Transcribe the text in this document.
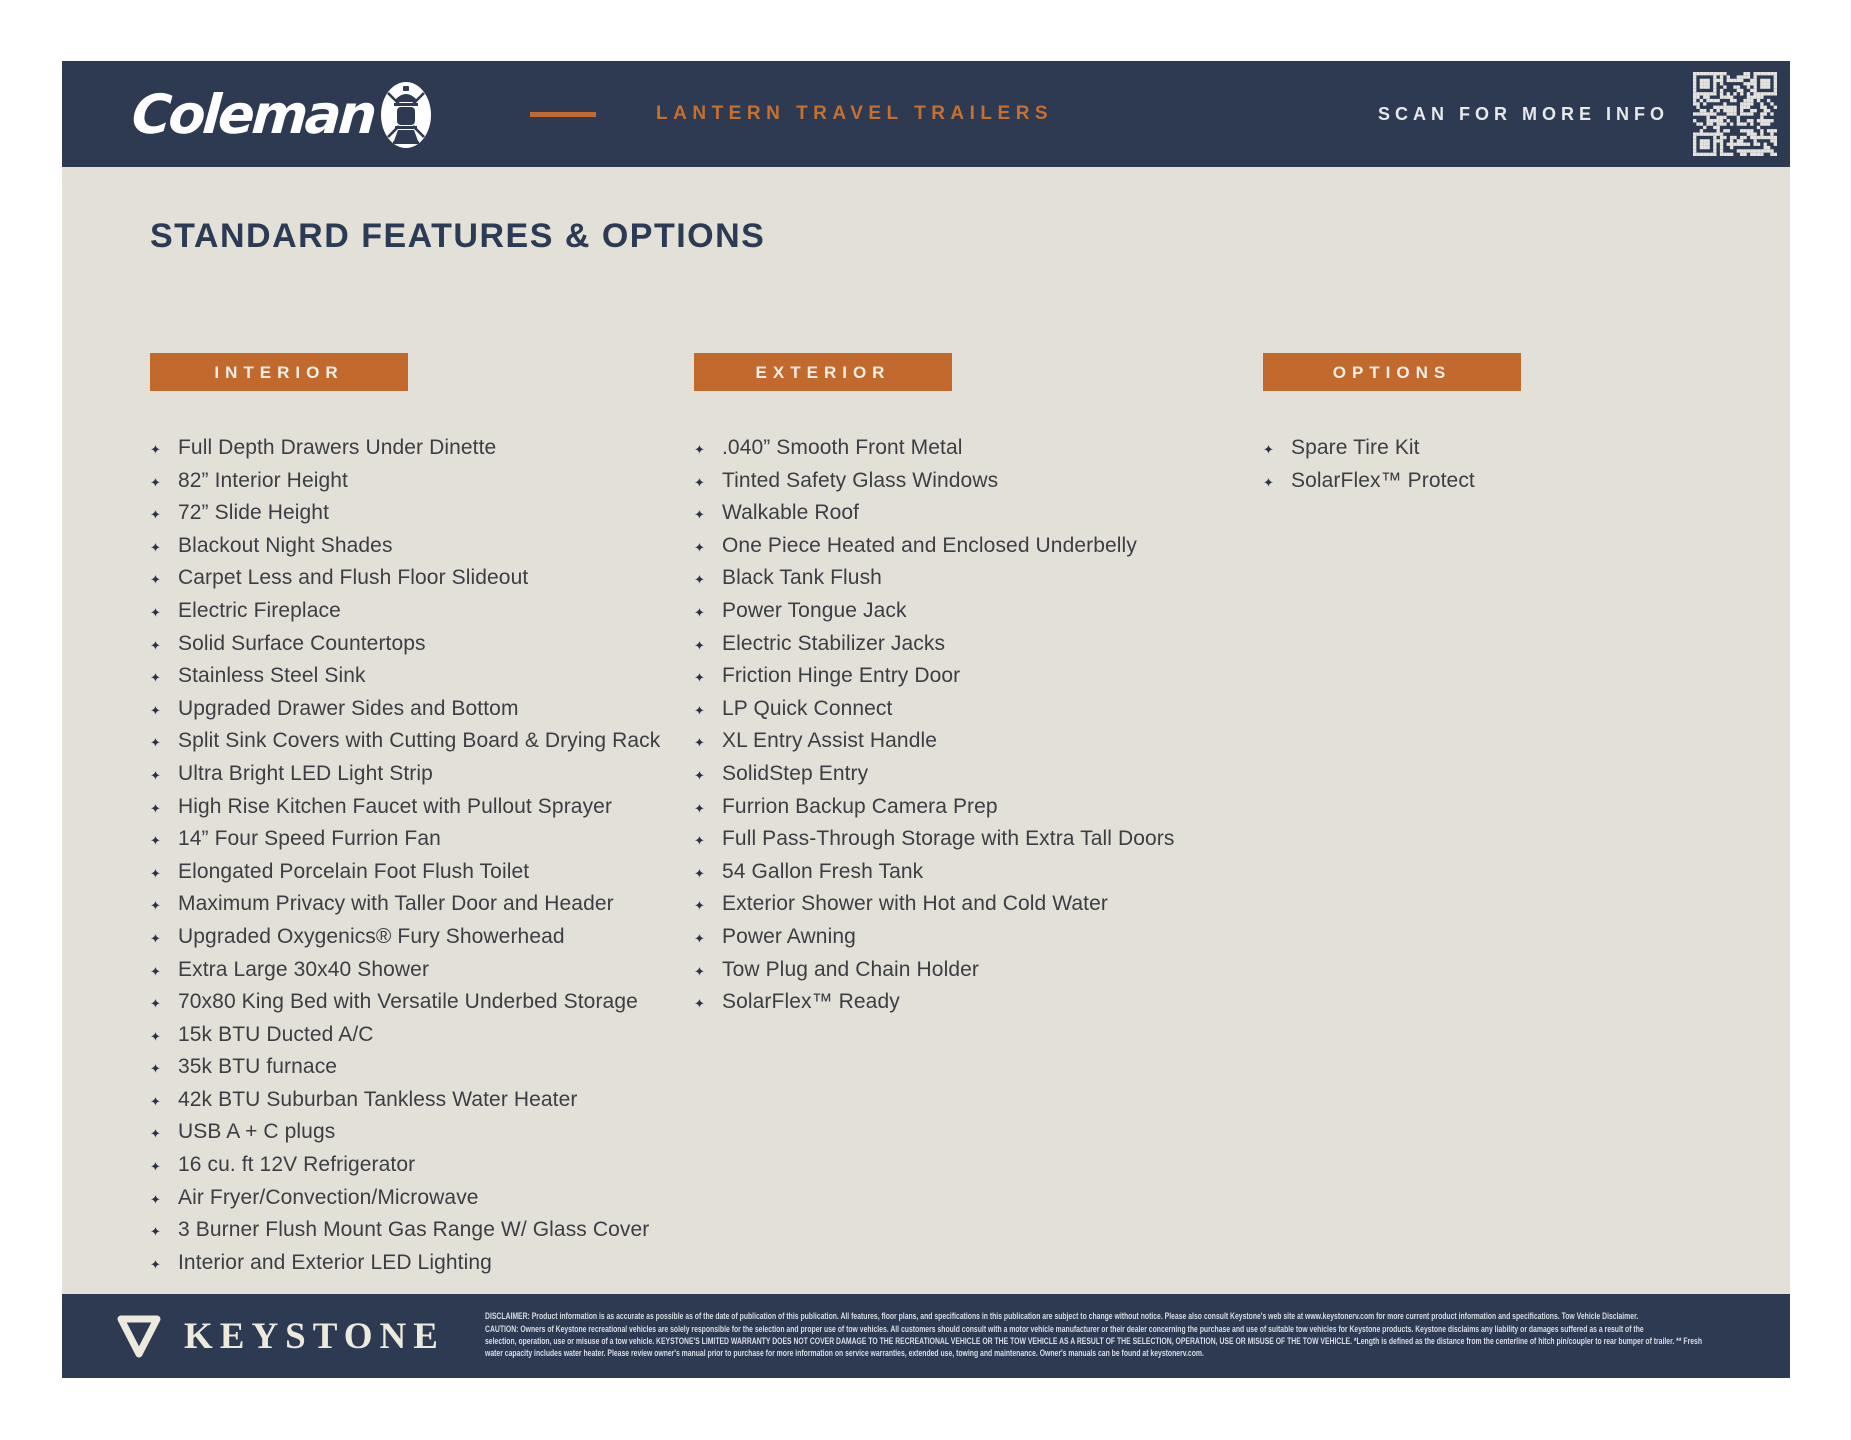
Coleman	LANTERN TRAVEL TRAILERS	SCAN FOR MORE INFO
STANDARD FEATURES & OPTIONS
INTERIOR
✦ Full Depth Drawers Under Dinette
✦ 82” Interior Height
✦ 72” Slide Height
✦ Blackout Night Shades
✦ Carpet Less and Flush Floor Slideout
✦ Electric Fireplace
✦ Solid Surface Countertops
✦ Stainless Steel Sink
✦ Upgraded Drawer Sides and Bottom
✦ Split Sink Covers with Cutting Board & Drying Rack
✦ Ultra Bright LED Light Strip
✦ High Rise Kitchen Faucet with Pullout Sprayer
✦ 14” Four Speed Furrion Fan
✦ Elongated Porcelain Foot Flush Toilet
✦ Maximum Privacy with Taller Door and Header
✦ Upgraded Oxygenics® Fury Showerhead
✦ Extra Large 30x40 Shower
✦ 70x80 King Bed with Versatile Underbed Storage
✦ 15k BTU Ducted A/C
✦ 35k BTU furnace
✦ 42k BTU Suburban Tankless Water Heater
✦ USB A + C plugs
✦ 16 cu. ft 12V Refrigerator
✦ Air Fryer/Convection/Microwave
✦ 3 Burner Flush Mount Gas Range W/ Glass Cover
✦ Interior and Exterior LED Lighting
EXTERIOR
✦ .040” Smooth Front Metal
✦ Tinted Safety Glass Windows
✦ Walkable Roof
✦ One Piece Heated and Enclosed Underbelly
✦ Black Tank Flush
✦ Power Tongue Jack
✦ Electric Stabilizer Jacks
✦ Friction Hinge Entry Door
✦ LP Quick Connect
✦ XL Entry Assist Handle
✦ SolidStep Entry
✦ Furrion Backup Camera Prep
✦ Full Pass-Through Storage with Extra Tall Doors
✦ 54 Gallon Fresh Tank
✦ Exterior Shower with Hot and Cold Water
✦ Power Awning
✦ Tow Plug and Chain Holder
✦ SolarFlex™ Ready
OPTIONS
✦ Spare Tire Kit
✦ SolarFlex™ Protect
KEYSTONE	DISCLAIMER: Product information is as accurate as possible as of the date of publication of this publication. All features, floor plans, and specifications in this publication are subject to change without notice. Please also consult Keystone's web site at www.keystonerv.com for more current product information and specifications. Tow Vehicle Disclaimer.
CAUTION: Owners of Keystone recreational vehicles are solely responsible for the selection and proper use of tow vehicles. All customers should consult with a motor vehicle manufacturer or their dealer concerning the purchase and use of suitable tow vehicles for Keystone products. Keystone disclaims any liability or damages suffered as a result of the
selection, operation, use or misuse of a tow vehicle. KEYSTONE'S LIMITED WARRANTY DOES NOT COVER DAMAGE TO THE RECREATIONAL VEHICLE OR THE TOW VEHICLE AS A RESULT OF THE SELECTION, OPERATION, USE OR MISUSE OF THE TOW VEHICLE. *Length is defined as the distance from the centerline of hitch pin/coupler to rear bumper of trailer. ** Fresh
water capacity includes water heater. Please review owner's manual prior to purchase for more information on service warranties, extended use, towing and maintenance. Owner's manuals can be found at keystonerv.com.
